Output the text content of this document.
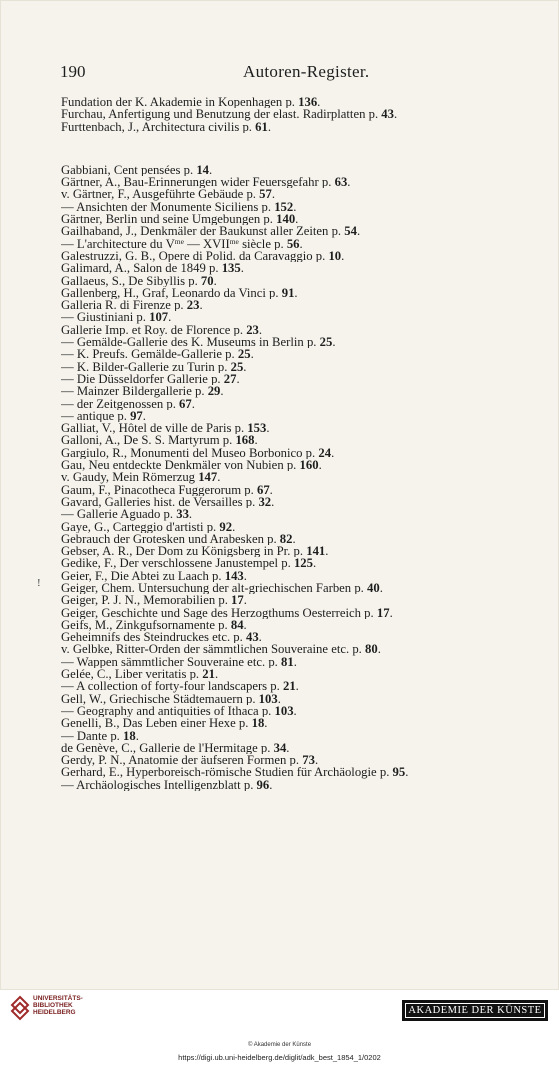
190	Autoren-Register.
!
Fundation der K. Akademie in Kopenhagen p. 136.
Furchau, Anfertigung und Benutzung der elast. Radirplatten p. 43.
Furttenbach, J., Architectura civilis p. 61.
Gabbiani, Cent pensées p. 14.
Gärtner, A., Bau-Erinnerungen wider Feuersgefahr p. 63.
v. Gärtner, F., Ausgeführte Gebäude p. 57.
— Ansichten der Monumente Siciliens p. 152.
Gärtner, Berlin und seine Umgebungen p. 140.
Gailhaband, J., Denkmäler der Baukunst aller Zeiten p. 54.
— L'architecture du $V^{me}$ — $XVII^{me}$ siècle p. 56.
Galestruzzi, G. B., Opere di Polid. da Caravaggio p. 10.
Galimard, A., Salon de 1849 p. 135.
Gallaeus, S., De Sibyllis p. 70.
Gallenberg, H., Graf, Leonardo da Vinci p. 91.
Galleria R. di Firenze p. 23.
— Giustiniani p. 107.
Gallerie Imp. et Roy. de Florence p. 23.
— Gemälde-Gallerie des K. Museums in Berlin p. 25.
— K. Preufs. Gemälde-Gallerie p. 25.
— K. Bilder-Gallerie zu Turin p. 25.
— Die Düsseldorfer Gallerie p. 27.
— Mainzer Bildergallerie p. 29.
— der Zeitgenossen p. 67.
— antique p. 97.
Galliat, V., Hôtel de ville de Paris p. 153.
Galloni, A., De S. S. Martyrum p. 168.
Gargiulo, R., Monumenti del Museo Borbonico p. 24.
Gau, Neu entdeckte Denkmäler von Nubien p. 160.
v. Gaudy, Mein Römerzug 147.
Gaum, F., Pinacotheca Fuggerorum p. 67.
Gavard, Galleries hist. de Versailles p. 32.
— Gallerie Aguado p. 33.
Gaye, G., Carteggio d'artisti p. 92.
Gebrauch der Grotesken und Arabesken p. 82.
Gebser, A. R., Der Dom zu Königsberg in Pr. p. 141.
Gedike, F., Der verschlossene Janustempel p. 125.
Geier, F., Die Abtei zu Laach p. 143.
Geiger, Chem. Untersuchung der alt-griechischen Farben p. 40.
Geiger, P. J. N., Memorabilien p. 17.
Geiger, Geschichte und Sage des Herzogthums Oesterreich p. 17.
Geifs, M., Zinkgufsornamente p. 84.
Geheimnifs des Steindruckes etc. p. 43.
v. Gelbke, Ritter-Orden der sämmtlichen Souveraine etc. p. 80.
— Wappen sämmtlicher Souveraine etc. p. 81.
Gelée, C., Liber veritatis p. 21.
— A collection of forty-four landscapers p. 21.
Gell, W., Griechische Städtemauern p. 103.
— Geography and antiquities of Ithaca p. 103.
Genelli, B., Das Leben einer Hexe p. 18.
— Dante p. 18.
de Genève, C., Gallerie de l'Hermitage p. 34.
Gerdy, P. N., Anatomie der äufseren Formen p. 73.
Gerhard, E., Hyperboreisch-römische Studien für Archäologie p. 95.
— Archäologisches Intelligenzblatt p. 96.
UNIVERSITÄTS-
BIBLIOTHEK
HEIDELBERG	AKADEMIE DER KÜNSTE
© Akademie der Künste
https://digi.ub.uni-heidelberg.de/diglit/adk_best_1854_1/0202
